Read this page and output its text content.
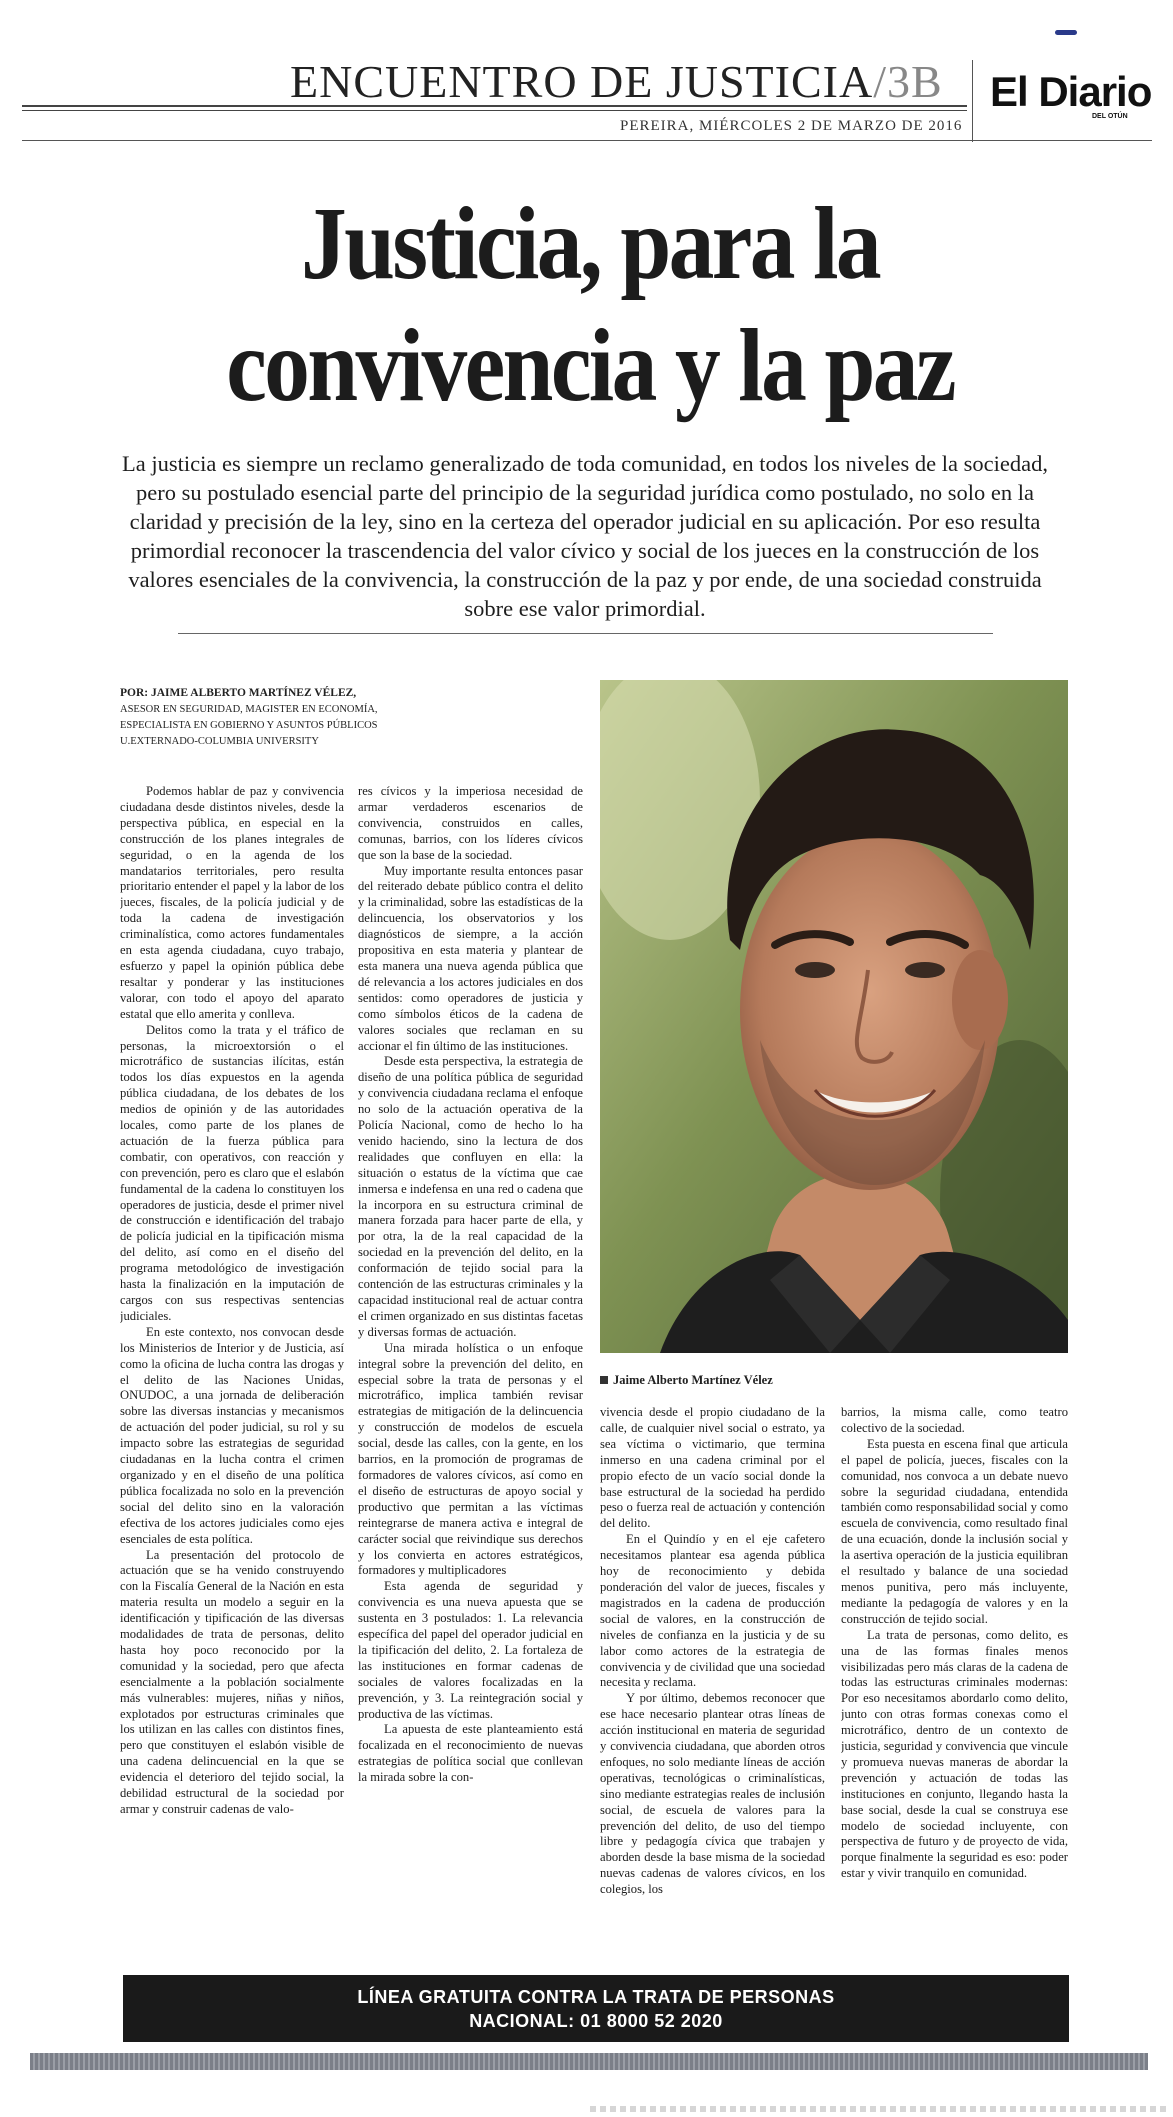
ENCUENTRO DE JUSTICIA/3B
PEREIRA, MIÉRCOLES 2 DE MARZO DE 2016
El Diario
DEL OTÚN
Justicia, para la
convivencia y la paz
La justicia es siempre un reclamo generalizado de toda comunidad, en todos los niveles de la sociedad, pero su postulado esencial parte del principio de la seguridad jurídica como postulado, no solo en la claridad y precisión de la ley, sino en la certeza del operador judicial en su aplicación. Por eso resulta primordial reconocer la trascendencia del valor cívico y social de los jueces en la construcción de los valores esenciales de la convivencia, la construcción de la paz y por ende, de una sociedad construida sobre ese valor primordial.
POR: JAIME ALBERTO MARTÍNEZ VÉLEZ,
ASESOR EN SEGURIDAD, MAGISTER EN ECONOMÍA,
ESPECIALISTA EN GOBIERNO Y ASUNTOS PÚBLICOS
U.EXTERNADO-COLUMBIA UNIVERSITY

Podemos hablar de paz y convivencia ciudadana desde distintos niveles, desde la perspectiva pública, en especial en la construcción de los planes integrales de seguridad, o en la agenda de los mandatarios territoriales, pero resulta prioritario entender el papel y la labor de los jueces, fiscales, de la policía judicial y de toda la cadena de investigación criminalística, como actores fundamentales en esta agenda ciudadana, cuyo trabajo, esfuerzo y papel la opinión pública debe resaltar y ponderar y las instituciones valorar, con todo el apoyo del aparato estatal que ello amerita y conlleva.

Delitos como la trata y el tráfico de personas, la microextorsión o el microtráfico de sustancias ilícitas, están todos los días expuestos en la agenda pública ciudadana, de los debates de los medios de opinión y de las autoridades locales, como parte de los planes de actuación de la fuerza pública para combatir, con operativos, con reacción y con prevención, pero es claro que el eslabón fundamental de la cadena lo constituyen los operadores de justicia, desde el primer nivel de construcción e identificación del trabajo de policía judicial en la tipificación misma del delito, así como en el diseño del programa metodológico de investigación hasta la finalización en la imputación de cargos con sus respectivas sentencias judiciales.

En este contexto, nos convocan desde los Ministerios de Interior y de Justicia, así como la oficina de lucha contra las drogas y el delito de las Naciones Unidas, ONUDOC, a una jornada de deliberación sobre las diversas instancias y mecanismos de actuación del poder judicial, su rol y su impacto sobre las estrategias de seguridad ciudadanas en la lucha contra el crimen organizado y en el diseño de una política pública focalizada no solo en la prevención social del delito sino en la valoración efectiva de los actores judiciales como ejes esenciales de esta política.

La presentación del protocolo de actuación que se ha venido construyendo con la Fiscalía General de la Nación en esta materia resulta un modelo a seguir en la identificación y tipificación de las diversas modalidades de trata de personas, delito hasta hoy poco reconocido por la comunidad y la sociedad, pero que afecta esencialmente a la población socialmente más vulnerables: mujeres, niñas y niños, explotados por estructuras criminales que los utilizan en las calles con distintos fines, pero que constituyen el eslabón visible de una cadena delincuencial en la que se evidencia el deterioro del tejido social, la debilidad estructural de la sociedad por armar y construir cadenas de valo-

res cívicos y la imperiosa necesidad de armar verdaderos escenarios de convivencia, construidos en calles, comunas, barrios, con los líderes cívicos que son la base de la sociedad.

Muy importante resulta entonces pasar del reiterado debate público contra el delito y la criminalidad, sobre las estadísticas de la delincuencia, los observatorios y los diagnósticos de siempre, a la acción propositiva en esta materia y plantear de esta manera una nueva agenda pública que dé relevancia a los actores judiciales en dos sentidos: como operadores de justicia y como símbolos éticos de la cadena de valores sociales que reclaman en su accionar el fin último de las instituciones.

Desde esta perspectiva, la estrategia de diseño de una política pública de seguridad y convivencia ciudadana reclama el enfoque no solo de la actuación operativa de la Policía Nacional, como de hecho lo ha venido haciendo, sino la lectura de dos realidades que confluyen en ella: la situación o estatus de la víctima que cae inmersa e indefensa en una red o cadena que la incorpora en su estructura criminal de manera forzada para hacer parte de ella, y por otra, la de la real capacidad de la sociedad en la prevención del delito, en la conformación de tejido social para la contención de las estructuras criminales y la capacidad institucional real de actuar contra el crimen organizado en sus distintas facetas y diversas formas de actuación.

Una mirada holística o un enfoque integral sobre la prevención del delito, en especial sobre la trata de personas y el microtráfico, implica también revisar estrategias de mitigación de la delincuencia y construcción de modelos de escuela social, desde las calles, con la gente, en los barrios, en la promoción de programas de formadores de valores cívicos, así como en el diseño de estructuras de apoyo social y productivo que permitan a las víctimas reintegrarse de manera activa e integral de carácter social que reivindique sus derechos y los convierta en actores estratégicos, formadores y multiplicadores

Esta agenda de seguridad y convivencia es una nueva apuesta que se sustenta en 3 postulados: 1. La relevancia específica del papel del operador judicial en la tipificación del delito, 2. La fortaleza de las instituciones en formar cadenas de sociales de valores focalizadas en la prevención, y 3. La reintegración social y productiva de las víctimas.

La apuesta de este planteamiento está focalizada en el reconocimiento de nuevas estrategias de política social que conllevan la mirada sobre la con-

vivencia desde el propio ciudadano de la calle, de cualquier nivel social o estrato, ya sea víctima o victimario, que termina inmerso en una cadena criminal por el propio efecto de un vacío social donde la base estructural de la sociedad ha perdido peso o fuerza real de actuación y contención del delito.

En el Quindío y en el eje cafetero necesitamos plantear esa agenda pública hoy de reconocimiento y debida ponderación del valor de jueces, fiscales y magistrados en la cadena de producción social de valores, en la construcción de niveles de confianza en la justicia y de su labor como actores de la estrategia de convivencia y de civilidad que una sociedad necesita y reclama.

Y por último, debemos reconocer que ese hace necesario plantear otras líneas de acción institucional en materia de seguridad y convivencia ciudadana, que aborden otros enfoques, no solo mediante líneas de acción operativas, tecnológicas o criminalísticas, sino mediante estrategias reales de inclusión social, de escuela de valores para la prevención del delito, de uso del tiempo libre y pedagogía cívica que trabajen y aborden desde la base misma de la sociedad nuevas cadenas de valores cívicos, en los colegios, los

barrios, la misma calle, como teatro colectivo de la sociedad.

Esta puesta en escena final que articula el papel de policía, jueces, fiscales con la comunidad, nos convoca a un debate nuevo sobre la seguridad ciudadana, entendida también como responsabilidad social y como escuela de convivencia, como resultado final de una ecuación, donde la inclusión social y la asertiva operación de la justicia equilibran el resultado y balance de una sociedad menos punitiva, pero más incluyente, mediante la pedagogía de valores y en la construcción de tejido social.

La trata de personas, como delito, es una de las formas finales menos visibilizadas pero más claras de la cadena de todas las estructuras criminales modernas: Por eso necesitamos abordarlo como delito, junto con otras formas conexas como el microtráfico, dentro de un contexto de justicia, seguridad y convivencia que vincule y promueva nuevas maneras de abordar la prevención y actuación de todas las instituciones en conjunto, llegando hasta la base social, desde la cual se construya ese modelo de sociedad incluyente, con perspectiva de futuro y de proyecto de vida, porque finalmente la seguridad es eso: poder estar y vivir tranquilo en comunidad.

Jaime Alberto Martínez Vélez
LÍNEA GRATUITA CONTRA LA TRATA DE PERSONAS
NACIONAL: 01 8000 52 2020
